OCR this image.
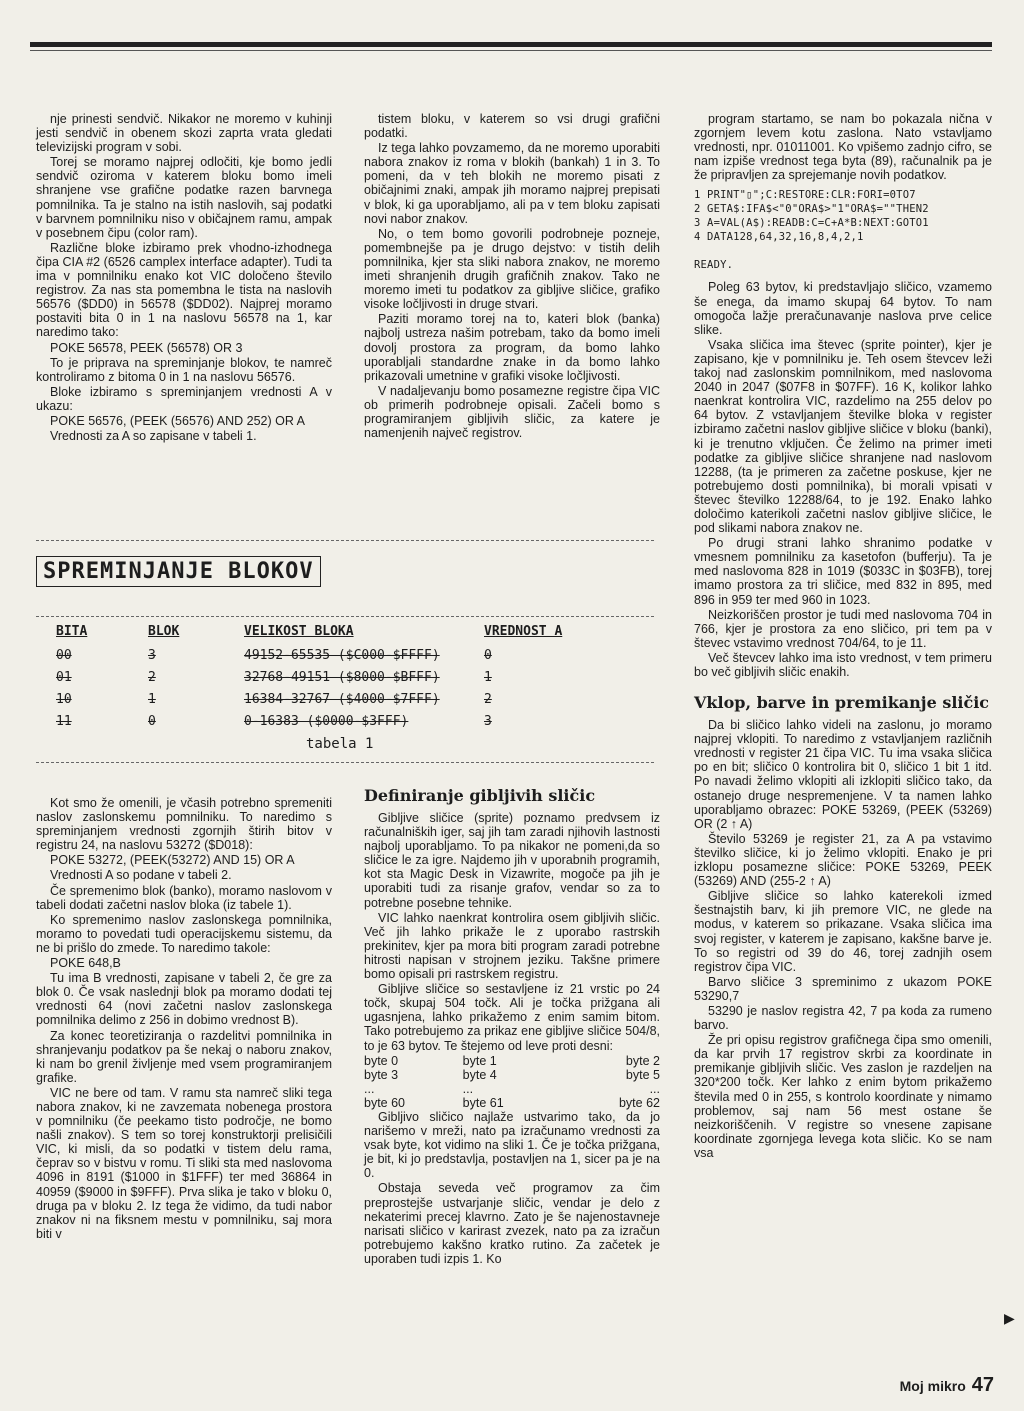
nje prinesti sendvič. Nikakor ne moremo v kuhinji jesti sendvič in obenem skozi zaprta vrata gledati televizijski program v sobi.

Torej se moramo najprej odločiti, kje bomo jedli sendvič oziroma v katerem bloku bomo imeli shranjene vse grafične podatke razen barvnega pomnilnika. Ta je stalno na istih naslovih, saj podatki v barvnem pomnilniku niso v običajnem ramu, ampak v posebnem čipu (color ram).

Različne bloke izbiramo prek vhodno-izhodnega čipa CIA #2 (6526 camplex interface adapter). Tudi ta ima v pomnilniku enako kot VIC določeno število registrov. Za nas sta pomembna le tista na naslovih 56576 ($DD0) in 56578 ($DD02). Najprej moramo postaviti bita 0 in 1 na naslovu 56578 na 1, kar naredimo tako:

POKE 56578, PEEK (56578) OR 3

To je priprava na spreminjanje blokov, te namreč kontroliramo z bitoma 0 in 1 na naslovu 56576.

Bloke izbiramo s spreminjanjem vrednosti A v ukazu:

POKE 56576, (PEEK (56576) AND 252) OR A

Vrednosti za A so zapisane v tabeli 1.

tistem bloku, v katerem so vsi drugi grafični podatki.

Iz tega lahko povzamemo, da ne moremo uporabiti nabora znakov iz roma v blokih (bankah) 1 in 3. To pomeni, da v teh blokih ne moremo pisati z običajnimi znaki, ampak jih moramo najprej prepisati v blok, ki ga uporabljamo, ali pa v tem bloku zapisati novi nabor znakov.

No, o tem bomo govorili podrobneje pozneje, pomembnejše pa je drugo dejstvo: v tistih delih pomnilnika, kjer sta sliki nabora znakov, ne moremo imeti shranjenih drugih grafičnih znakov. Tako ne moremo imeti tu podatkov za gibljive sličice, grafiko visoke ločljivosti in druge stvari.

Paziti moramo torej na to, kateri blok (banka) najbolj ustreza našim potrebam, tako da bomo imeli dovolj prostora za program, da bomo lahko uporabljali standardne znake in da bomo lahko prikazovali umetnine v grafiki visoke ločljivosti.

V nadaljevanju bomo posamezne registre čipa VIC ob primerih podrobneje opisali. Začeli bomo s programiranjem gibljivih sličic, za katere je namenjenih največ registrov.

program startamo, se nam bo pokazala nična v zgornjem levem kotu zaslona. Nato vstavljamo vrednosti, npr. 01011001. Ko vpišemo zadnjo cifro, se nam izpiše vrednost tega byta (89), računalnik pa je že pripravljen za sprejemanje novih podatkov.

1 PRINT"▯";C:RESTORE:CLR:FORI=0TO7
2 GETA$:IFA$<"0"ORA$>"1"ORA$=""THEN2
3 A=VAL(A$):READB:C=C+A*B:NEXT:GOTO1
4 DATA128,64,32,16,8,4,2,1
READY.

Poleg 63 bytov, ki predstavljajo sličico, vzamemo še enega, da imamo skupaj 64 bytov. To nam omogoča lažje preračunavanje naslova prve celice slike.

Vsaka sličica ima števec (sprite pointer), kjer je zapisano, kje v pomnilniku je. Teh osem števcev leži takoj nad zaslonskim pomnilnikom, med naslovoma 2040 in 2047 ($07F8 in $07FF). 16 K, kolikor lahko naenkrat kontrolira VIC, razdelimo na 255 delov po 64 bytov. Z vstavljanjem številke bloka v register izbiramo začetni naslov gibljive sličice v bloku (banki), ki je trenutno vključen. Če želimo na primer imeti podatke za gibljive sličice shranjene nad naslovom 12288, (ta je primeren za začetne poskuse, kjer ne potrebujemo dosti pomnilnika), bi morali vpisati v števec številko 12288/64, to je 192. Enako lahko določimo katerikoli začetni naslov gibljive sličice, le pod slikami nabora znakov ne.

Po drugi strani lahko shranimo podatke v vmesnem pomnilniku za kasetofon (bufferju). Ta je med naslovoma 828 in 1019 ($033C in $03FB), torej imamo prostora za tri sličice, med 832 in 895, med 896 in 959 ter med 960 in 1023.

Neizkoriščen prostor je tudi med naslovoma 704 in 766, kjer je prostora za eno sličico, pri tem pa v števec vstavimo vrednost 704/64, to je 11.

Več števcev lahko ima isto vrednost, v tem primeru bo več gibljivih sličic enakih.

Vklop, barve in premikanje sličic

Da bi sličico lahko videli na zaslonu, jo moramo najprej vklopiti. To naredimo z vstavljanjem različnih vrednosti v register 21 čipa VIC. Tu ima vsaka sličica po en bit; sličico 0 kontrolira bit 0, sličico 1 bit 1 itd. Po navadi želimo vklopiti ali izklopiti sličico tako, da ostanejo druge nespremenjene. V ta namen lahko uporabljamo obrazec: POKE 53269, (PEEK (53269) OR (2 ↑ A)

Število 53269 je register 21, za A pa vstavimo številko sličice, ki jo želimo vklopiti. Enako je pri izklopu posamezne sličice: POKE 53269, PEEK (53269) AND (255-2 ↑ A)

Gibljive sličice so lahko katerekoli izmed šestnajstih barv, ki jih premore VIC, ne glede na modus, v katerem so prikazane. Vsaka sličica ima svoj register, v katerem je zapisano, kakšne barve je. To so registri od 39 do 46, torej zadnjih osem registrov čipa VIC.

Barvo sličice 3 spreminimo z ukazom POKE 53290,7

53290 je naslov registra 42, 7 pa koda za rumeno barvo.

Že pri opisu registrov grafičnega čipa smo omenili, da kar prvih 17 registrov skrbi za koordinate in premikanje gibljivih sličic. Ves zaslon je razdeljen na 320*200 točk. Ker lahko z enim bytom prikažemo števila med 0 in 255, s kontrolo koordinate y nimamo problemov, saj nam 56 mest ostane še neizkoriščenih. V registre so vnesene zapisane koordinate zgornjega levega kota sličic. Ko se nam vsa

SPREMINJANJE BLOKOV
BITA	BLOK	VELIKOST BLOKA	VREDNOST A
00	3	49152-65535 ($C000-$FFFF)	0
01	2	32768-49151 ($8000-$BFFF)	1
10	1	16384-32767 ($4000-$7FFF)	2
11	0	0-16383 ($0000-$3FFF)	3
tabela 1

Kot smo že omenili, je včasih potrebno spremeniti naslov zaslonskemu pomnilniku. To naredimo s spreminjanjem vrednosti zgornjih štirih bitov v registru 24, na naslovu 53272 ($D018):

POKE 53272, (PEEK(53272) AND 15) OR A

Vrednosti A so podane v tabeli 2.

Če spremenimo blok (banko), moramo naslovom v tabeli dodati začetni naslov bloka (iz tabele 1).

Ko spremenimo naslov zaslonskega pomnilnika, moramo to povedati tudi operacijskemu sistemu, da ne bi prišlo do zmede. To naredimo takole:

POKE 648,B

Tu ima B vrednosti, zapisane v tabeli 2, če gre za blok 0. Če vsak naslednji blok pa moramo dodati tej vrednosti 64 (novi začetni naslov zaslonskega pomnilnika delimo z 256 in dobimo vrednost B).

Za konec teoretiziranja o razdelitvi pomnilnika in shranjevanju podatkov pa še nekaj o naboru znakov, ki nam bo grenil življenje med vsem programiranjem grafike.

VIC ne bere od tam. V ramu sta namreč sliki tega nabora znakov, ki ne zavzemata nobenega prostora v pomnilniku (če peekamo tisto področje, ne bomo našli znakov). S tem so torej konstruktorji prelisičili VIC, ki misli, da so podatki v tistem delu rama, čeprav so v bistvu v romu. Ti sliki sta med naslovoma 4096 in 8191 ($1000 in $1FFF) ter med 36864 in 40959 ($9000 in $9FFF). Prva slika je tako v bloku 0, druga pa v bloku 2. Iz tega že vidimo, da tudi nabor znakov ni na fiksnem mestu v pomnilniku, saj mora biti v

Definiranje gibljivih sličic

Gibljive sličice (sprite) poznamo predvsem iz računalniških iger, saj jih tam zaradi njihovih lastnosti najbolj uporabljamo. To pa nikakor ne pomeni,da so sličice le za igre. Najdemo jih v uporabnih programih, kot sta Magic Desk in Vizawrite, mogoče pa jih je uporabiti tudi za risanje grafov, vendar so za to potrebne posebne tehnike.

VIC lahko naenkrat kontrolira osem gibljivih sličic. Več jih lahko prikaže le z uporabo rastrskih prekinitev, kjer pa mora biti program zaradi potrebne hitrosti napisan v strojnem jeziku. Takšne primere bomo opisali pri rastrskem registru.

Gibljive sličice so sestavljene iz 21 vrstic po 24 točk, skupaj 504 točk. Ali je točka prižgana ali ugasnjena, lahko prikažemo z enim samim bitom. Tako potrebujemo za prikaz ene gibljive sličice 504/8, to je 63 bytov. Te štejemo od leve proti desni:

byte 0	byte 1	byte 2
byte 3	byte 4	byte 5
...	...	...
byte 60	byte 61	byte 62

Gibljivo sličico najlaže ustvarimo tako, da jo narišemo v mreži, nato pa izračunamo vrednosti za vsak byte, kot vidimo na sliki 1. Če je točka prižgana, je bit, ki jo predstavlja, postavljen na 1, sicer pa je na 0.

Obstaja seveda več programov za čim preprostejše ustvarjanje sličic, vendar je delo z nekaterimi precej klavrno. Zato je še najenostavneje narisati sličico v karirast zvezek, nato pa za izračun potrebujemo kakšno kratko rutino. Za začetek je uporaben tudi izpis 1. Ko

▶
Moj mikro 47
